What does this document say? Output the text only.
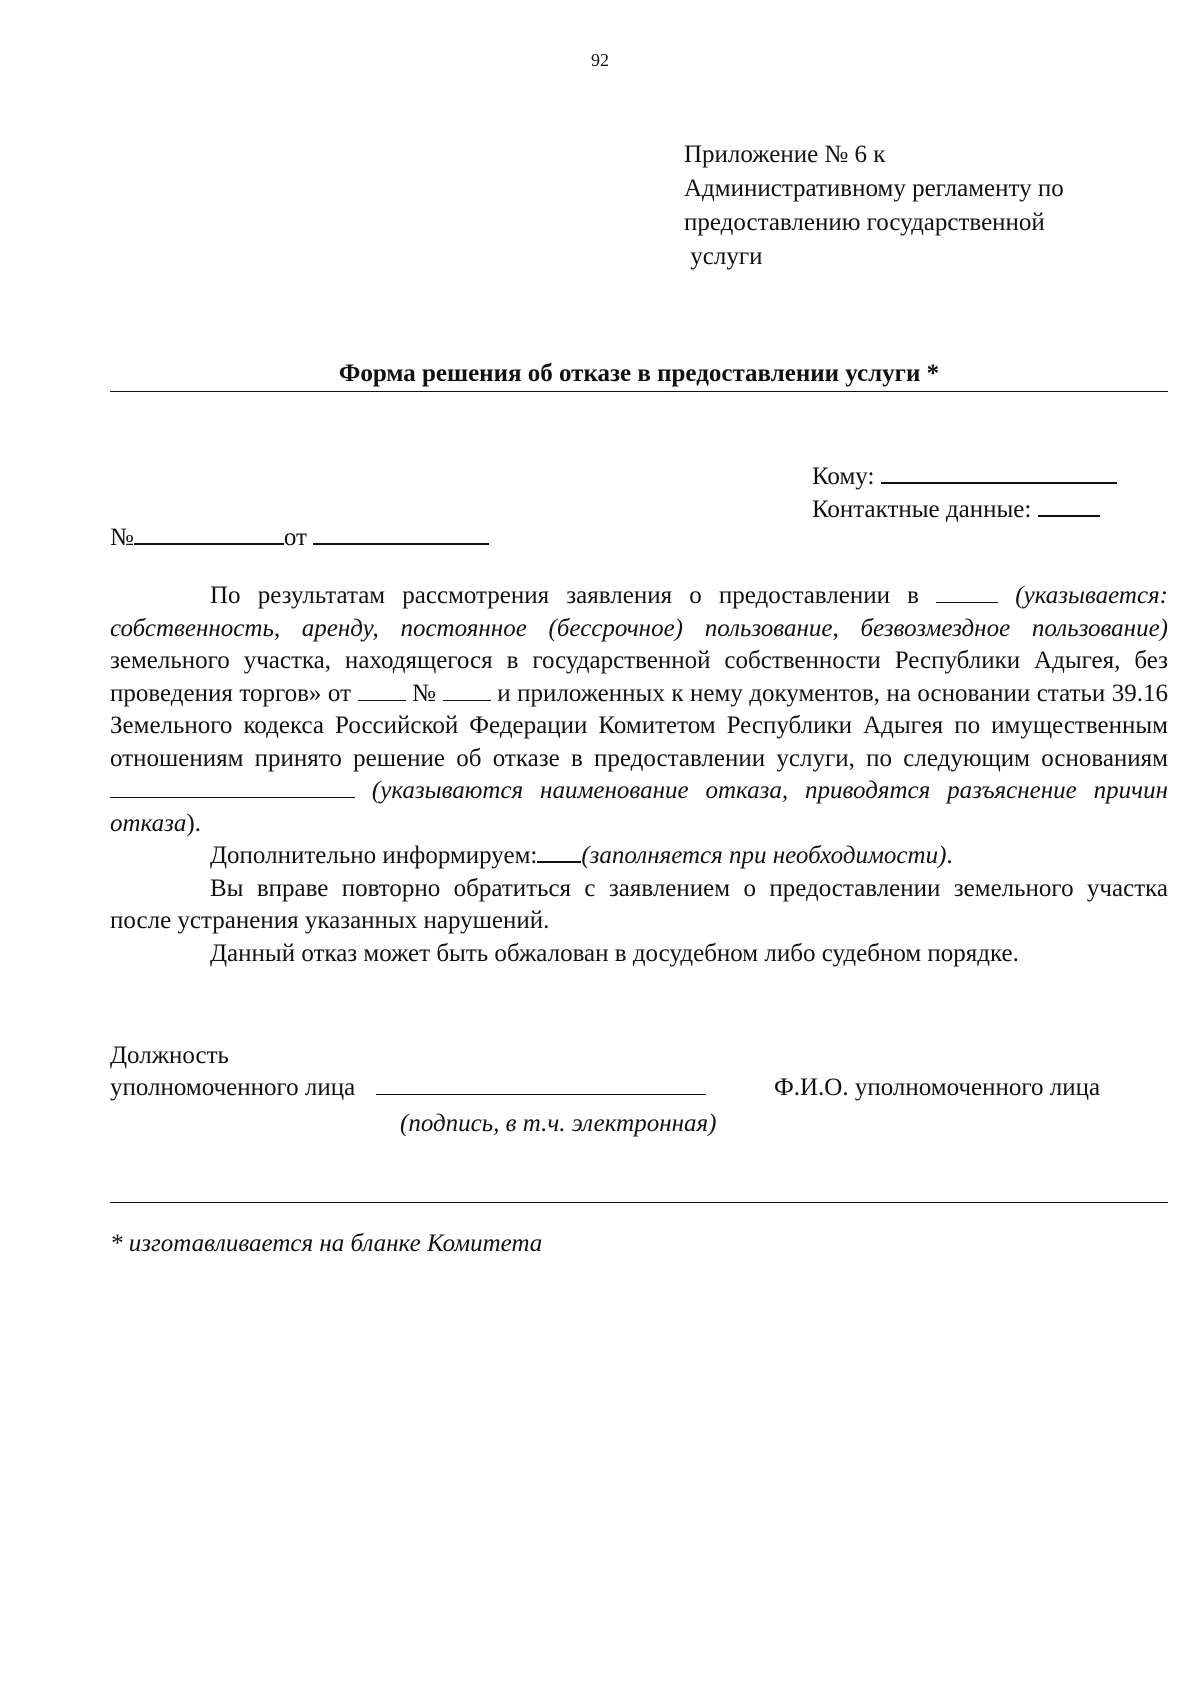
92
Приложение № 6 к
Административному регламенту по
предоставлению государственной
услуги
Форма решения об отказе в предоставлении услуги *
Кому:
Контактные данные:
№	от

По результатам рассмотрения заявления о предоставлении в	(указывается: собственность, аренду, постоянное (бессрочное) пользование, безвозмездное пользование) земельного участка, находящегося в государственной собственности Республики Адыгея, без проведения торгов» от  №  и приложенных к нему документов, на основании статьи 39.16 Земельного кодекса Российской Федерации Комитетом Республики Адыгея по имущественным отношениям принято решение об отказе в предоставлении услуги, по следующим основаниям (указываются наименование отказа, приводятся разъяснение причин отказа).

Дополнительно информируем: (заполняется при необходимости).

Вы вправе повторно обратиться с заявлением о предоставлении земельного участка после устранения указанных нарушений.

Данный отказ может быть обжалован в досудебном либо судебном порядке.

Должность
уполномоченного лица	Ф.И.О. уполномоченного лица
(подпись, в т.ч. электронная)
* изготавливается на бланке Комитета
